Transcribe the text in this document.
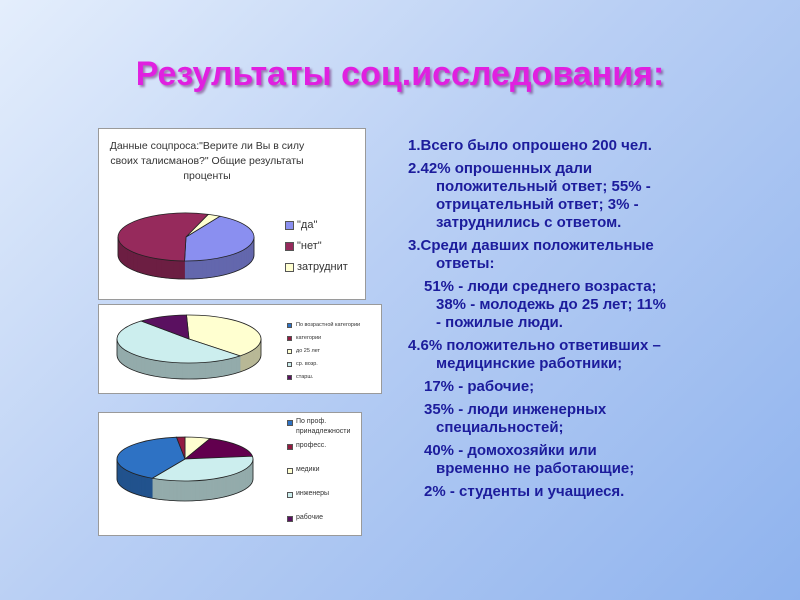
Результаты соц.исследования:
Данные соцпроса:"Верите ли Вы в силу своих талисманов?" Общие результаты проценты
"да"
"нет"
затруднит
По возрастной категории
категории
до 25 лет
ср. возр.
старш.
По проф. принадлежности
професс.
медики
инженеры
рабочие
1.Всего было опрошено 200 чел.
2.42% опрошенных дали
положительный ответ; 55% -
отрицательный ответ; 3% -
затруднились с ответом.
3.Среди давших положительные
ответы:
51% - люди среднего возраста;
38% - молодежь до 25 лет; 11%
- пожилые люди.
4.6% положительно ответивших –
медицинские работники;
17% - рабочие;
35% - люди инженерных
специальностей;
40% - домохозяйки или
временно не работающие;
2% - студенты и учащиеся.
